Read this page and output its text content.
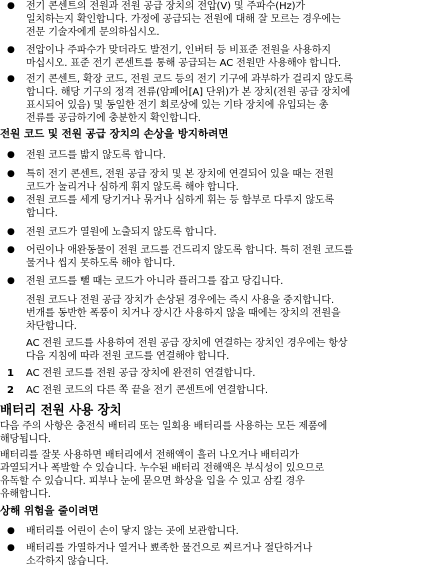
● 전기 콘센트의 전원과 전원 공급 장치의 전압(V) 및 주파수(Hz)가
일치하는지 확인합니다. 가정에 공급되는 전원에 대해 잘 모르는 경우에는
전문 기술자에게 문의하십시오.
● 전압이나 주파수가 맞더라도 발전기, 인버터 등 비표준 전원을 사용하지
마십시오. 표준 전기 콘센트를 통해 공급되는 AC 전원만 사용해야 합니다.
● 전기 콘센트, 확장 코드, 전원 코드 등의 전기 기구에 과부하가 걸리지 않도록
합니다. 해당 기구의 정격 전류(암페어[A] 단위)가 본 장치(전원 공급 장치에
표시되어 있음) 및 동일한 전기 회로상에 있는 기타 장치에 유입되는 총
전류를 공급하기에 충분한지 확인합니다.
전원 코드 및 전원 공급 장치의 손상을 방지하려면
● 전원 코드를 밟지 않도록 합니다.
● 특히 전기 콘센트, 전원 공급 장치 및 본 장치에 연결되어 있을 때는 전원
코드가 눌리거나 심하게 휘지 않도록 해야 합니다.
● 전원 코드를 세게 당기거나 묶거나 심하게 휘는 등 함부로 다루지 않도록
합니다.
● 전원 코드가 열원에 노출되지 않도록 합니다.
● 어린이나 애완동물이 전원 코드를 건드리지 않도록 합니다. 특히 전원 코드를
물거나 씹지 못하도록 해야 합니다.
● 전원 코드를 뺄 때는 코드가 아니라 플러그를 잡고 당깁니다.
전원 코드나 전원 공급 장치가 손상된 경우에는 즉시 사용을 중지합니다.
번개를 동반한 폭풍이 치거나 장시간 사용하지 않을 때에는 장치의 전원을
차단합니다.
AC 전원 코드를 사용하여 전원 공급 장치에 연결하는 장치인 경우에는 항상
다음 지침에 따라 전원 코드를 연결해야 합니다.
1 AC 전원 코드를 전원 공급 장치에 완전히 연결합니다.
2 AC 전원 코드의 다른 쪽 끝을 전기 콘센트에 연결합니다.
배터리 전원 사용 장치
다음 주의 사항은 충전식 배터리 또는 일회용 배터리를 사용하는 모든 제품에
해당됩니다.
배터리를 잘못 사용하면 배터리에서 전해액이 흘러 나오거나 배터리가
과열되거나 폭발할 수 있습니다. 누수된 배터리 전해액은 부식성이 있으므로
유독할 수 있습니다. 피부나 눈에 묻으면 화상을 입을 수 있고 삼킬 경우
유해합니다.
상해 위험을 줄이려면
● 배터리를 어린이 손이 닿지 않는 곳에 보관합니다.
● 배터리를 가열하거나 열거나 뾰족한 물건으로 찌르거나 절단하거나
소각하지 않습니다.
